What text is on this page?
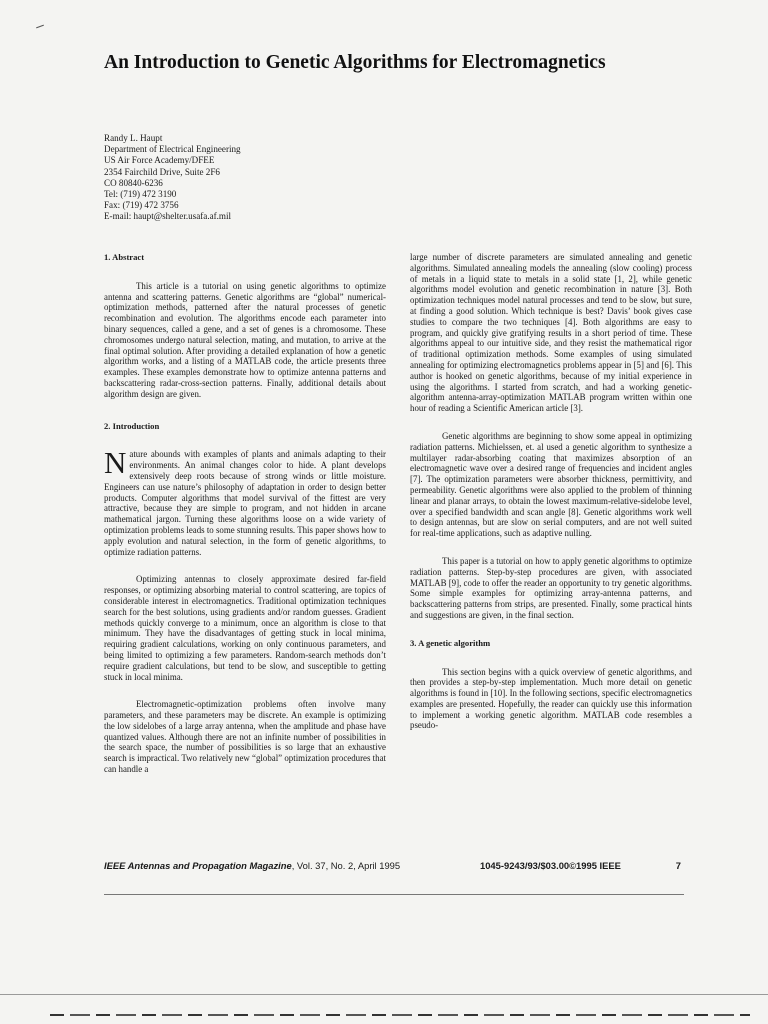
An Introduction to Genetic Algorithms for Electromagnetics
Randy L. Haupt
Department of Electrical Engineering
US Air Force Academy/DFEE
2354 Fairchild Drive, Suite 2F6
CO 80840-6236
Tel: (719) 472 3190
Fax: (719) 472 3756
E-mail: haupt@shelter.usafa.af.mil
1. Abstract

This article is a tutorial on using genetic algorithms to optimize antenna and scattering patterns. Genetic algorithms are “global” numerical-optimization methods, patterned after the natural processes of genetic recombination and evolution. The algorithms encode each parameter into binary sequences, called a gene, and a set of genes is a chromosome. These chromosomes undergo natural selection, mating, and mutation, to arrive at the final optimal solution. After providing a detailed explanation of how a genetic algorithm works, and a listing of a MATLAB code, the article presents three examples. These examples demonstrate how to optimize antenna patterns and backscattering radar-cross-section patterns. Finally, additional details about algorithm design are given.

2. Introduction

Nature abounds with examples of plants and animals adapting to their environments. An animal changes color to hide. A plant develops extensively deep roots because of strong winds or little moisture. Engineers can use nature’s philosophy of adaptation in order to design better products. Computer algorithms that model survival of the fittest are very attractive, because they are simple to program, and not hidden in arcane mathematical jargon. Turning these algorithms loose on a wide variety of optimization problems leads to some stunning results. This paper shows how to apply evolution and natural selection, in the form of genetic algorithms, to optimize radiation patterns.

Optimizing antennas to closely approximate desired far-field responses, or optimizing absorbing material to control scattering, are topics of considerable interest in electromagnetics. Traditional optimization techniques search for the best solutions, using gradients and/or random guesses. Gradient methods quickly converge to a minimum, once an algorithm is close to that minimum. They have the disadvantages of getting stuck in local minima, requiring gradient calculations, working on only continuous parameters, and being limited to optimizing a few parameters. Random-search methods don’t require gradient calculations, but tend to be slow, and susceptible to getting stuck in local minima.

Electromagnetic-optimization problems often involve many parameters, and these parameters may be discrete. An example is optimizing the low sidelobes of a large array antenna, when the amplitude and phase have quantized values. Although there are not an infinite number of possibilities in the search space, the number of possibilities is so large that an exhaustive search is impractical. Two relatively new “global” optimization procedures that can handle a

large number of discrete parameters are simulated annealing and genetic algorithms. Simulated annealing models the annealing (slow cooling) process of metals in a liquid state to metals in a solid state [1, 2], while genetic algorithms model evolution and genetic recombination in nature [3]. Both optimization techniques model natural processes and tend to be slow, but sure, at finding a good solution. Which technique is best? Davis’ book gives case studies to compare the two techniques [4]. Both algorithms are easy to program, and quickly give gratifying results in a short period of time. These algorithms appeal to our intuitive side, and they resist the mathematical rigor of traditional optimization methods. Some examples of using simulated annealing for optimizing electromagnetics problems appear in [5] and [6]. This author is hooked on genetic algorithms, because of my initial experience in using the algorithms. I started from scratch, and had a working genetic-algorithm antenna-array-optimization MATLAB program written within one hour of reading a Scientific American article [3].

Genetic algorithms are beginning to show some appeal in optimizing radiation patterns. Michielssen, et. al used a genetic algorithm to synthesize a multilayer radar-absorbing coating that maximizes absorption of an electromagnetic wave over a desired range of frequencies and incident angles [7]. The optimization parameters were absorber thickness, permittivity, and permeability. Genetic algorithms were also applied to the problem of thinning linear and planar arrays, to obtain the lowest maximum-relative-sidelobe level, over a specified bandwidth and scan angle [8]. Genetic algorithms work well to design antennas, but are slow on serial computers, and are not well suited for real-time applications, such as adaptive nulling.

This paper is a tutorial on how to apply genetic algorithms to optimize radiation patterns. Step-by-step procedures are given, with associated MATLAB [9], code to offer the reader an opportunity to try genetic algorithms. Some simple examples for optimizing array-antenna patterns, and backscattering patterns from strips, are presented. Finally, some practical hints and suggestions are given, in the final section.

3. A genetic algorithm

This section begins with a quick overview of genetic algorithms, and then provides a step-by-step implementation. Much more detail on genetic algorithms is found in [10]. In the following sections, specific electromagnetics examples are presented. Hopefully, the reader can quickly use this information to implement a working genetic algorithm. MATLAB code resembles a pseudo-

IEEE Antennas and Propagation Magazine, Vol. 37, No. 2, April 1995	1045-9243/93/$03.00©1995 IEEE	7
